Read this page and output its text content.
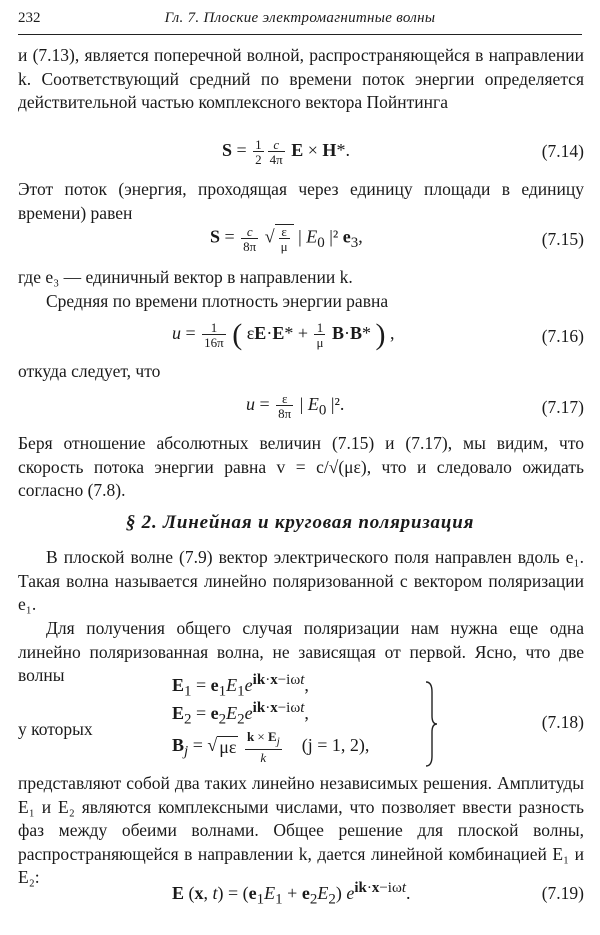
232	Гл. 7. Плоские электромагнитные волны

и (7.13), является поперечной волной, распространяющейся в направлении k. Соответствующий средний по времени поток энергии определяется действительной частью комплексного вектора Пойнтинга

$S = \frac{1}{2} \frac{c}{4\pi}$ E × H*.	(7.14)

Этот поток (энергия, проходящая через единицу площади в единицу времени) равен

$S = \frac{c}{8\pi}$ √ $\frac{\varepsilon}{\mu}$ | $E_0$ |² $e_3$,	(7.15)

где e₃ — единичный вектор в направлении k.

Средняя по времени плотность энергии равна

$u = \frac{1}{16\pi}$ ( $\varepsilon E\cdot E* + \frac{1}{\mu} B\cdot B*$ ) ,	(7.16)

откуда следует, что

$u = \frac{\varepsilon}{8\pi}$ | $E_0$ |².	(7.17)

Беря отношение абсолютных величин (7.15) и (7.17), мы видим, что скорость потока энергии равна v = c/√(με), что и следовало ожидать согласно (7.8).

§ 2. Линейная и круговая поляризация

В плоской волне (7.9) вектор электрического поля направлен вдоль e₁. Такая волна называется линейно поляризованной с вектором поляризации e₁.

Для получения общего случая поляризации нам нужна еще одна линейно поляризованная волна, не зависящая от первой. Ясно, что две волны	$E_1 = e_1E_1e^{ik\cdot x-i\omega t}$,
$E_2 = e_2E_2e^{ik\cdot x-i\omega t}$,
$B_j$ = √ με $\frac{k \times E_j}{k} (j = 1$, 2),
у которых	(7.18)

представляют собой два таких линейно независимых решения. Амплитуды E₁ и E₂ являются комплексными числами, что позволяет ввести разность фаз между обеими волнами. Общее решение для плоской волны, распространяющейся в направлении k, дается линейной комбинацией E₁ и E₂:

E (x, $t) = (e_1E_1 + e_2E_2)$ $e^{ik\cdot x-i\omega t}$.	(7.19)
